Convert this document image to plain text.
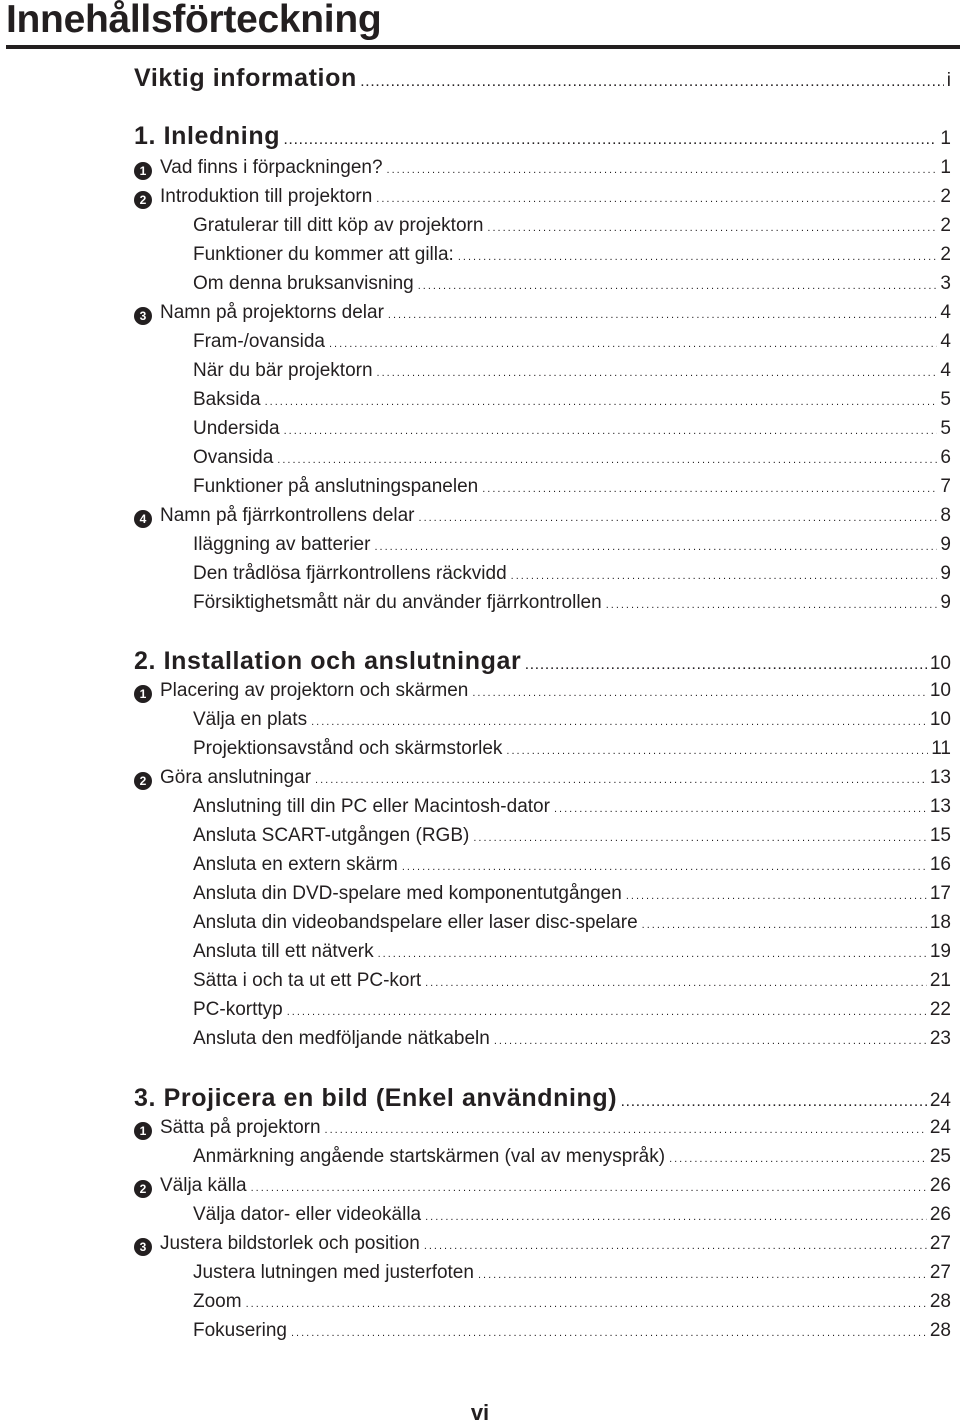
Innehållsförteckning
Viktig information .....	i
1. Inledning .....	1
1 Vad finns i förpackningen? .....	1
2 Introduktion till projektorn .....	2
Gratulerar till ditt köp av projektorn .....	2
Funktioner du kommer att gilla: .....	2
Om denna bruksanvisning .....	3
3 Namn på projektorns delar .....	4
Fram-/ovansida .....	4
När du bär projektorn .....	4
Baksida .....	5
Undersida .....	5
Ovansida .....	6
Funktioner på anslutningspanelen .....	7
4 Namn på fjärrkontrollens delar .....	8
Iläggning av batterier .....	9
Den trådlösa fjärrkontrollens räckvidd .....	9
Försiktighetsmått när du använder fjärrkontrollen .....	9
2. Installation och anslutningar .....	10
1 Placering av projektorn och skärmen .....	10
Välja en plats .....	10
Projektionsavstånd och skärmstorlek .....	11
2 Göra anslutningar .....	13
Anslutning till din PC eller Macintosh-dator .....	13
Ansluta SCART-utgången (RGB) .....	15
Ansluta en extern skärm .....	16
Ansluta din DVD-spelare med komponentutgången .....	17
Ansluta din videobandspelare eller laser disc-spelare .....	18
Ansluta till ett nätverk .....	19
Sätta i och ta ut ett PC-kort .....	21
PC-korttyp .....	22
Ansluta den medföljande nätkabeln .....	23
3. Projicera en bild (Enkel användning) .....	24
1 Sätta på projektorn .....	24
Anmärkning angående startskärmen (val av menyspråk) .....	25
2 Välja källa .....	26
Välja dator- eller videokälla .....	26
3 Justera bildstorlek och position .....	27
Justera lutningen med justerfoten .....	27
Zoom .....	28
Fokusering .....	28
vi
